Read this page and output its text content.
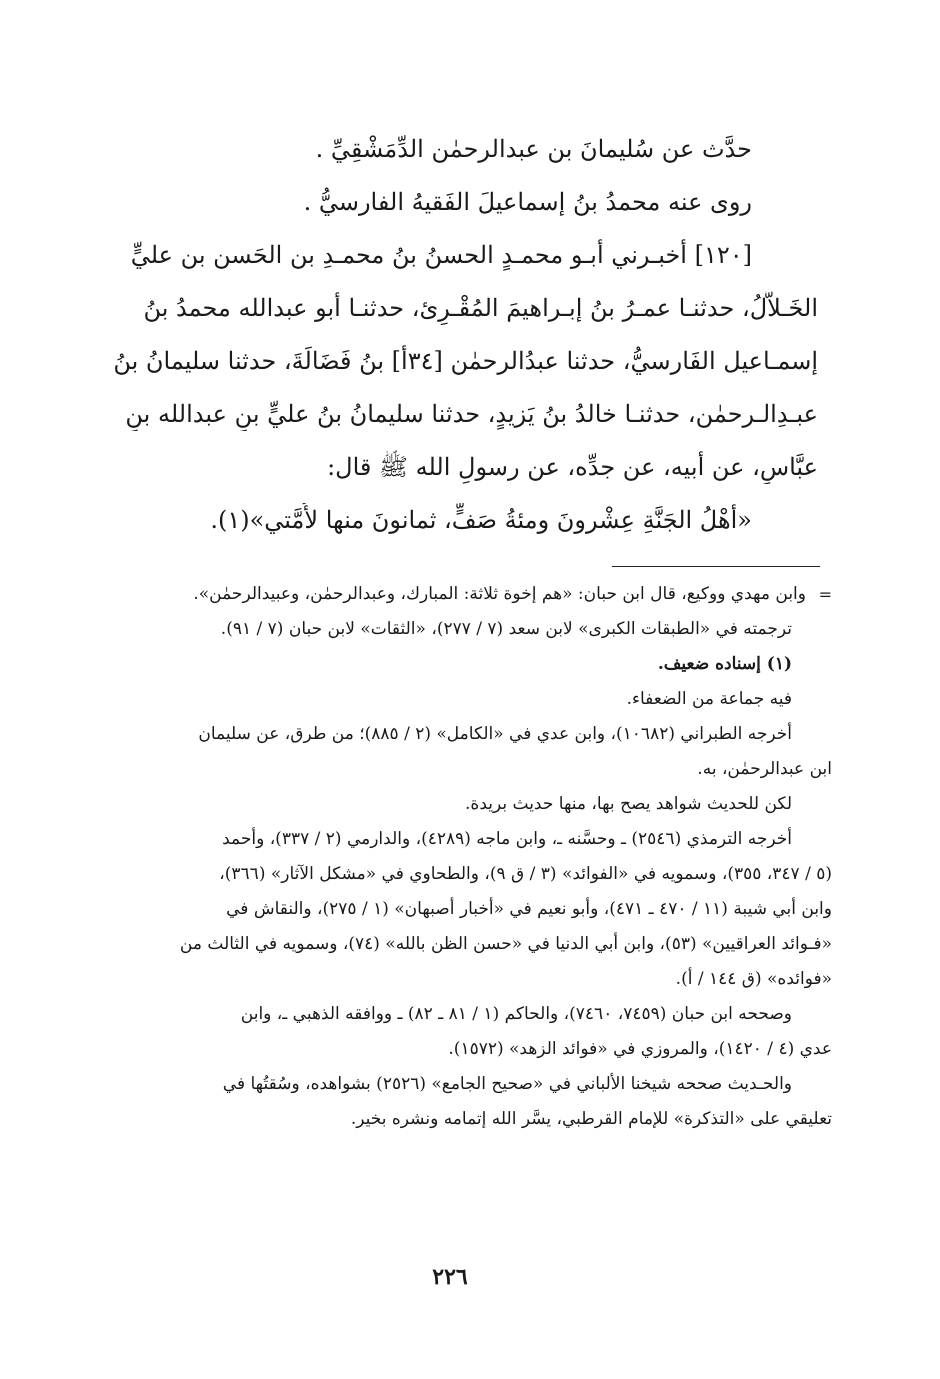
حدَّث عن سُليمانَ بن عبدالرحمٰن الدِّمَشْقِيِّ .
روى عنه محمدُ بنُ إسماعيلَ الفَقيهُ الفارسيُّ .
[١٢٠] أخبـرني أبـو محمـدٍ الحسنُ بنُ محمـدِ بن الحَسن بن عليٍّ
الخَـلاَّلُ، حدثنـا عمـرُ بنُ إبـراهيمَ المُقْـرِئ، حدثنـا أبو عبدالله محمدُ بنُ
إسمـاعيل الفَارسيُّ، حدثنا عبدُالرحمٰن [٣٤أ] بنُ فَضَالَةَ، حدثنا سليمانُ بنُ
عبـدِالـرحمٰن، حدثنـا خالدُ بنُ يَزيدٍ، حدثنا سليمانُ بنُ عليٍّ بنِ عبدالله بنِ
عبَّاسٍ، عن أبيه، عن جدِّه، عن رسولِ الله ﷺ قال:
«أهْلُ الجَنَّةِ عِشْرونَ ومئةُ صَفٍّ، ثمانونَ منها لأُمَّتي»(١).
=
وابن مهدي ووكيع، قال ابن حبان: «هم إخوة ثلاثة: المبارك، وعبدالرحمٰن، وعبيدالرحمٰن».
ترجمته في «الطبقات الكبرى» لابن سعد (٧ / ٢٧٧)، «الثقات» لابن حبان (٧ / ٩١).
(١) إسناده ضعيف.
فيه جماعة من الضعفاء.
أخرجه الطبراني (١٠٦٨٢)، وابن عدي في «الكامل» (٢ / ٨٨٥)؛ من طرق، عن سليمان
ابن عبدالرحمٰن، به.
لكن للحديث شواهد يصح بها، منها حديث بريدة.
أخرجه الترمذي (٢٥٤٦) ـ وحسَّنه ـ، وابن ماجه (٤٢٨٩)، والدارمي (٢ / ٣٣٧)، وأحمد
(٥ / ٣٤٧، ٣٥٥)، وسمويه في «الفوائد» (٣ / ق ٩)، والطحاوي في «مشكل الآثار» (٣٦٦)،
وابن أبي شيبة (١١ / ٤٧٠ ـ ٤٧١)، وأبو نعيم في «أخبار أصبهان» (١ / ٢٧٥)، والنقاش في
«فـوائد العراقيين» (٥٣)، وابن أبي الدنيا في «حسن الظن بالله» (٧٤)، وسمويه في الثالث من
«فوائده» (ق ١٤٤ / أ).
وصححه ابن حبان (٧٤٥٩، ٧٤٦٠)، والحاكم (١ / ٨١ ـ ٨٢) ـ ووافقه الذهبي ـ، وابن
عدي (٤ / ١٤٢٠)، والمروزي في «فوائد الزهد» (١٥٧٢).
والحـديث صححه شيخنا الألباني في «صحيح الجامع» (٢٥٢٦) بشواهده، وسُقتُها في
تعليقي على «التذكرة» للإمام القرطبي، يسَّر الله إتمامه ونشره بخير.
٢٢٦
